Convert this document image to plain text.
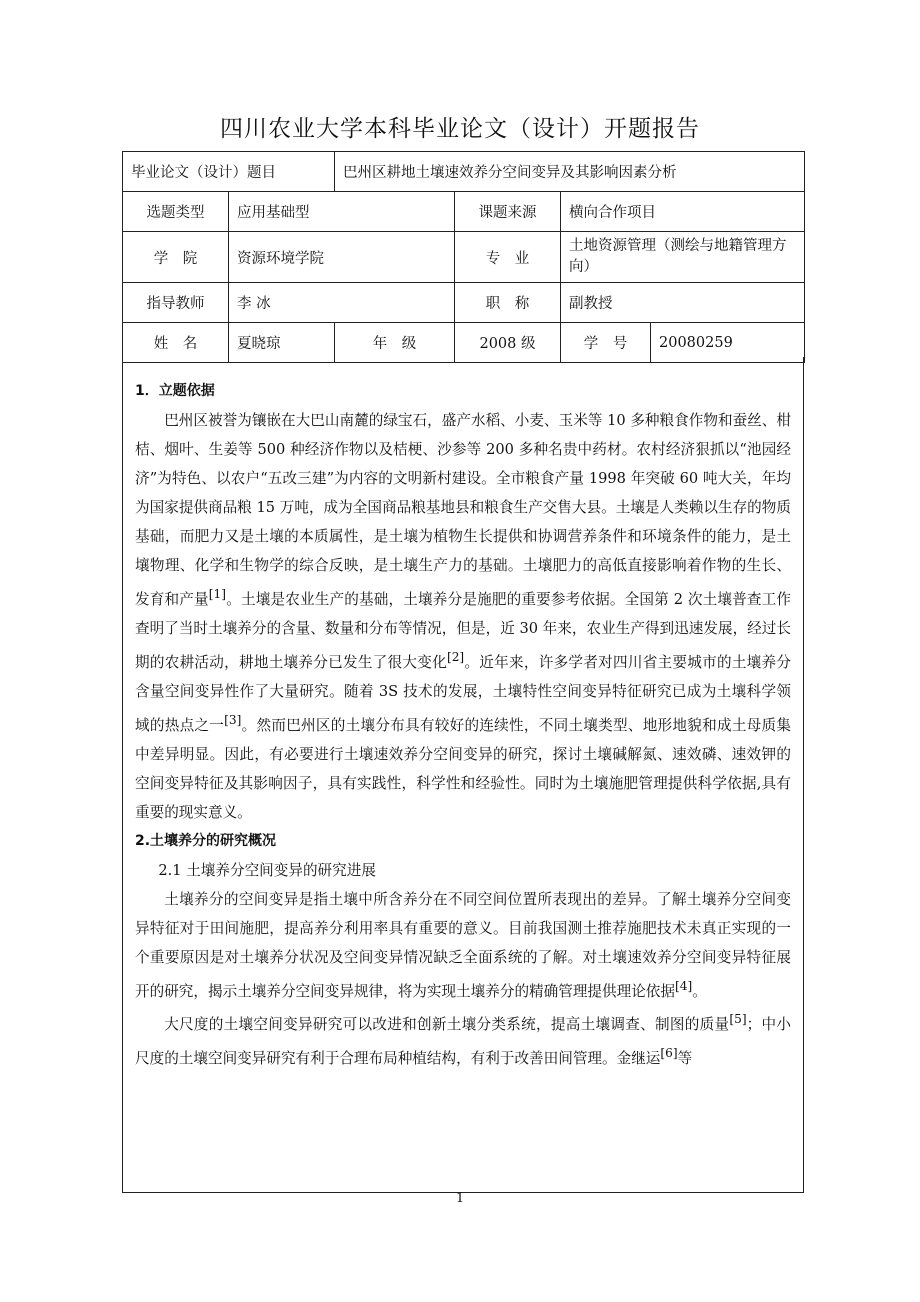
四川农业大学本科毕业论文（设计）开题报告
毕业论文（设计）题目		巴州区耕地土壤速效养分空间变异及其影响因素分析			
选题类型	应用基础型		课题来源	横向合作项目	
学　院	资源环境学院		专　业	土地资源管理（测绘与地籍管理方向）	
指导教师	李 冰		职　称	副教授	
姓　名	夏晓琼	年　级	2008 级	学　号	20080259
1．立题依据

巴州区被誉为镶嵌在大巴山南麓的绿宝石，盛产水稻、小麦、玉米等 10 多种粮食作物和蚕丝、柑桔、烟叶、生姜等 500 种经济作物以及桔梗、沙参等 200 多种名贵中药材。农村经济狠抓以“池园经济”为特色、以农户“五改三建”为内容的文明新村建设。全市粮食产量 1998 年突破 60 吨大关，年均为国家提供商品粮 15 万吨，成为全国商品粮基地县和粮食生产交售大县。土壤是人类赖以生存的物质基础，而肥力又是土壤的本质属性，是土壤为植物生长提供和协调营养条件和环境条件的能力，是土壤物理、化学和生物学的综合反映，是土壤生产力的基础。土壤肥力的高低直接影响着作物的生长、发育和产量[1]。土壤是农业生产的基础，土壤养分是施肥的重要参考依据。全国第 2 次土壤普查工作查明了当时土壤养分的含量、数量和分布等情况，但是，近 30 年来，农业生产得到迅速发展，经过长期的农耕活动，耕地土壤养分已发生了很大变化[2]。近年来，许多学者对四川省主要城市的土壤养分含量空间变异性作了大量研究。随着 3S 技术的发展，土壤特性空间变异特征研究已成为土壤科学领域的热点之一[3]。然而巴州区的土壤分布具有较好的连续性，不同土壤类型、地形地貌和成土母质集中差异明显。因此，有必要进行土壤速效养分空间变异的研究，探讨土壤碱解氮、速效磷、速效钾的空间变异特征及其影响因子，具有实践性，科学性和经验性。同时为土壤施肥管理提供科学依据,具有重要的现实意义。

2.土壤养分的研究概况

2.1 土壤养分空间变异的研究进展

土壤养分的空间变异是指土壤中所含养分在不同空间位置所表现出的差异。了解土壤养分空间变异特征对于田间施肥，提高养分利用率具有重要的意义。目前我国测土推荐施肥技术未真正实现的一个重要原因是对土壤养分状况及空间变异情况缺乏全面系统的了解。对土壤速效养分空间变异特征展开的研究，揭示土壤养分空间变异规律，将为实现土壤养分的精确管理提供理论依据[4]。

大尺度的土壤空间变异研究可以改进和创新土壤分类系统，提高土壤调查、制图的质量[5]；中小尺度的土壤空间变异研究有利于合理布局种植结构，有利于改善田间管理。金继运[6]等

1
